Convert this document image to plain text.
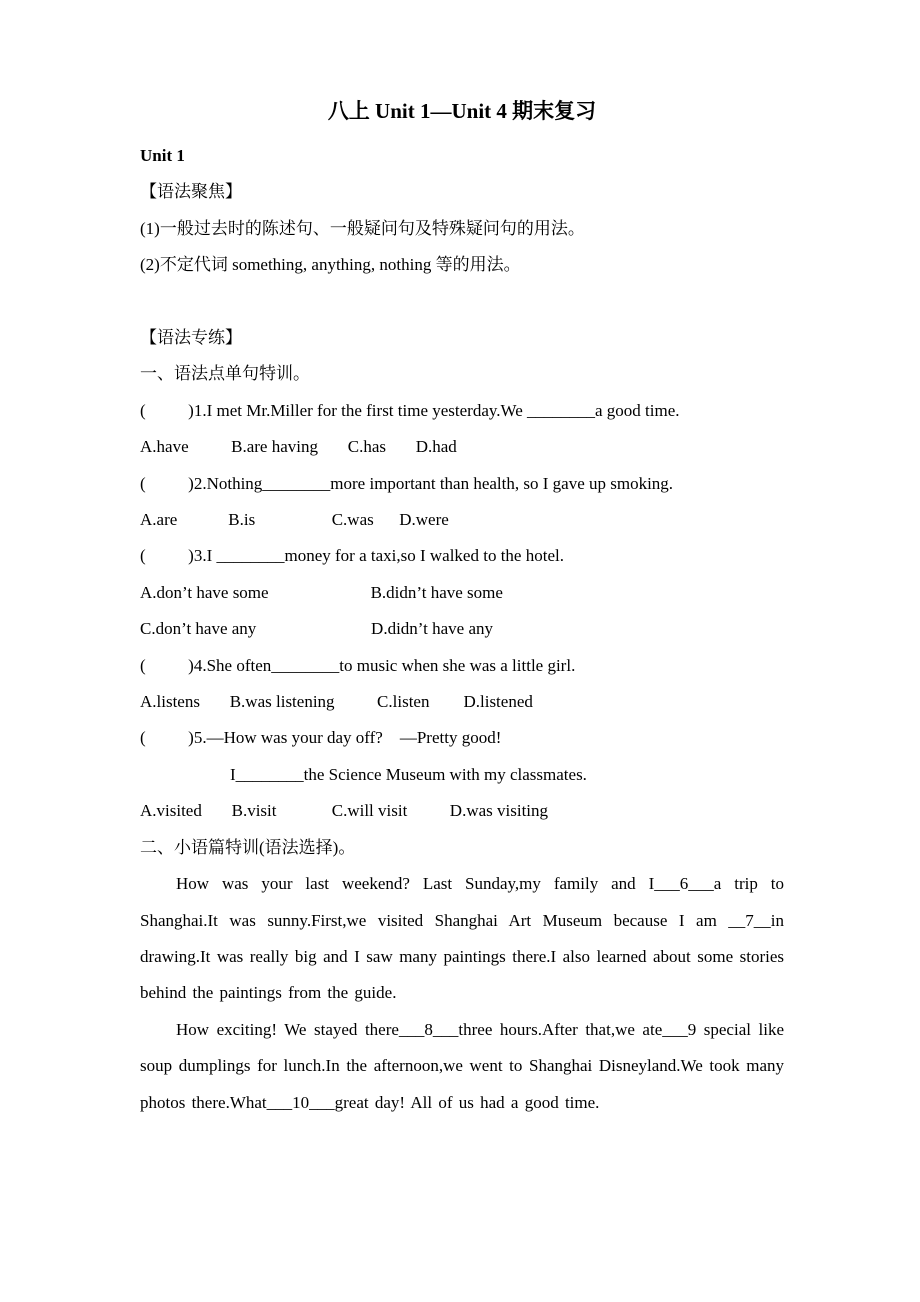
八上 Unit 1—Unit 4 期末复习
Unit 1
【语法聚焦】
(1)一般过去时的陈述句、一般疑问句及特殊疑问句的用法。
(2)不定代词 something, anything, nothing 等的用法。
【语法专练】
一、语法点单句特训。
(          )1.I met Mr.Miller for the first time yesterday.We ________a good time.
A.have          B.are having       C.has       D.had
(          )2.Nothing________more important than health, so I gave up smoking.
A.are            B.is                  C.was      D.were
(          )3.I ________money for a taxi,so I walked to the hotel.
A.don’t have some                        B.didn’t have some
C.don’t have any                           D.didn’t have any
(          )4.She often________to music when she was a little girl.
A.listens       B.was listening          C.listen        D.listened
(          )5.—How was your day off?    —Pretty good!
I________the Science Museum with my classmates.
A.visited       B.visit             C.will visit          D.was visiting
二、小语篇特训(语法选择)。
How was your last weekend? Last Sunday,my family and I___6___a trip to Shanghai.It was sunny.First,we visited Shanghai Art Museum because I am __7__in drawing.It was really big and I saw many paintings there.I also learned about some stories behind the paintings from the guide.
How exciting! We stayed there___8___three hours.After that,we ate___9 special like soup dumplings for lunch.In the afternoon,we went to Shanghai Disneyland.We took many photos there.What___10___great day! All of us had a good time.
